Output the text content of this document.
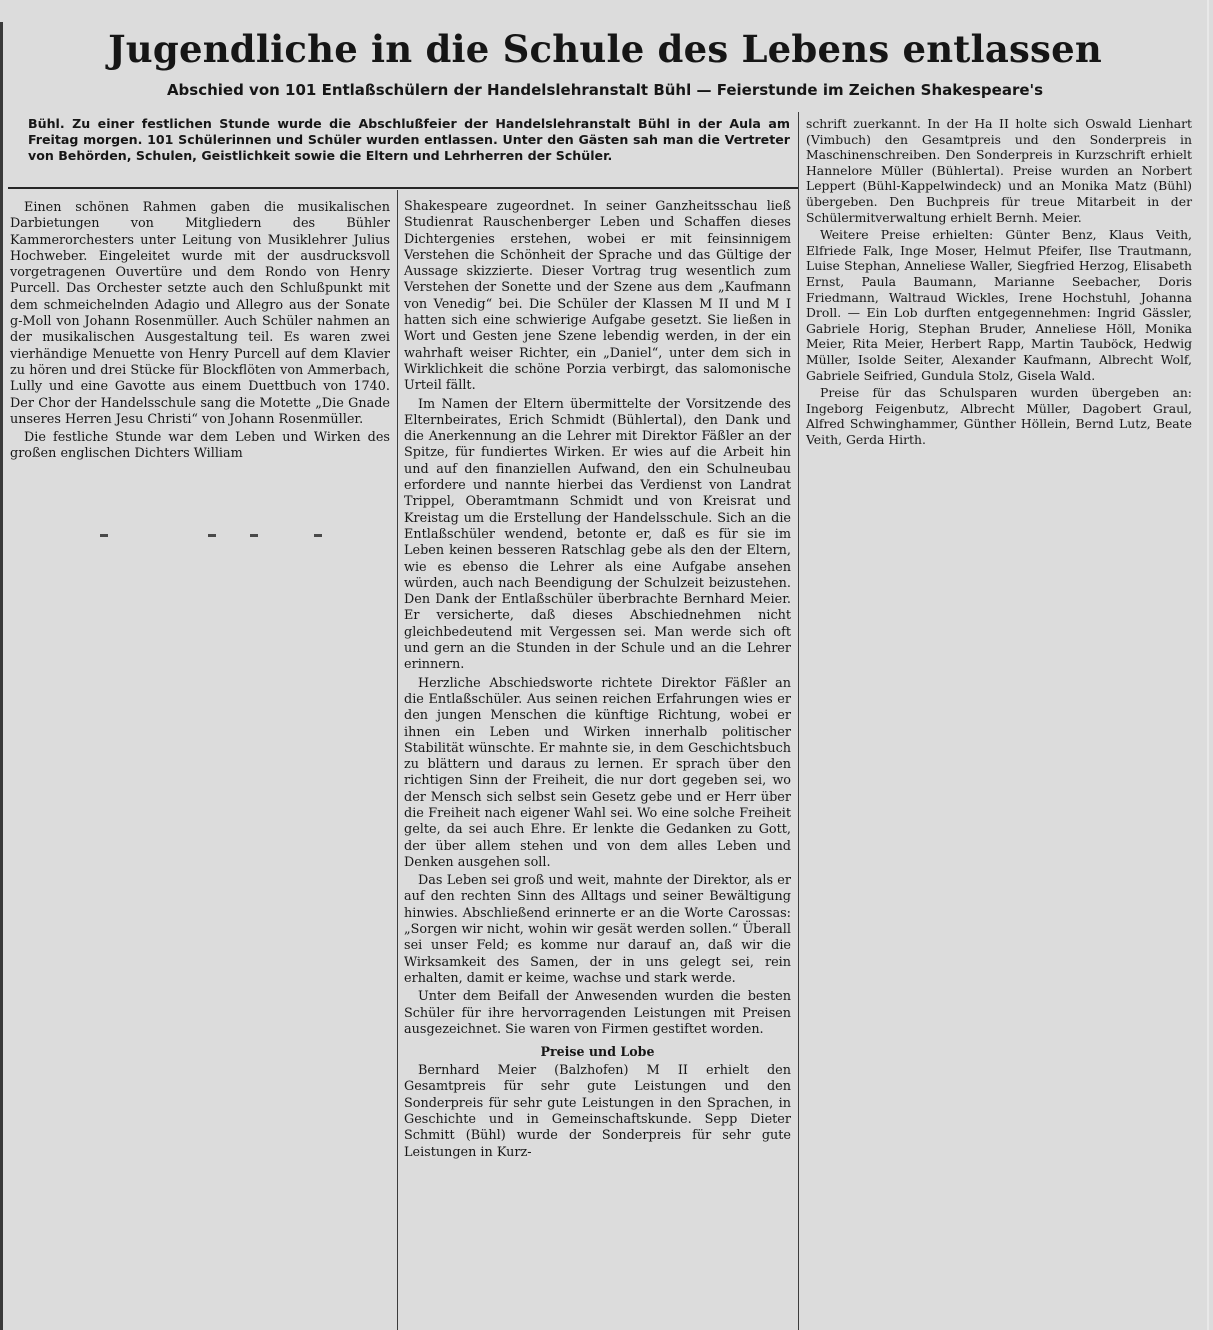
Jugendliche in die Schule des Lebens entlassen
Abschied von 101 Entlaßschülern der Handelslehranstalt Bühl — Feierstunde im Zeichen Shakespeare's

Bühl. Zu einer festlichen Stunde wurde die Abschlußfeier der Handelslehranstalt Bühl in der Aula am Freitag morgen. 101 Schülerinnen und Schüler wurden entlassen. Unter den Gästen sah man die Vertreter von Behörden, Schulen, Geistlichkeit sowie die Eltern und Lehrherren der Schüler.

Einen schönen Rahmen gaben die musikalischen Darbietungen von Mitgliedern des Bühler Kammerorchesters unter Leitung von Musiklehrer Julius Hochweber. Eingeleitet wurde mit der ausdrucksvoll vorgetragenen Ouvertüre und dem Rondo von Henry Purcell. Das Orchester setzte auch den Schlußpunkt mit dem schmeichelnden Adagio und Allegro aus der Sonate g-Moll von Johann Rosenmüller. Auch Schüler nahmen an der musikalischen Ausgestaltung teil. Es waren zwei vierhändige Menuette von Henry Purcell auf dem Klavier zu hören und drei Stücke für Blockflöten von Ammerbach, Lully und eine Gavotte aus einem Duettbuch von 1740. Der Chor der Handelsschule sang die Motette „Die Gnade unseres Herren Jesu Christi“ von Johann Rosenmüller.

Die festliche Stunde war dem Leben und Wirken des großen englischen Dichters William

Shakespeare zugeordnet. In seiner Ganzheitsschau ließ Studienrat Rauschenberger Leben und Schaffen dieses Dichtergenies erstehen, wobei er mit feinsinnigem Verstehen die Schönheit der Sprache und das Gültige der Aussage skizzierte. Dieser Vortrag trug wesentlich zum Verstehen der Sonette und der Szene aus dem „Kaufmann von Venedig“ bei. Die Schüler der Klassen M II und M I hatten sich eine schwierige Aufgabe gesetzt. Sie ließen in Wort und Gesten jene Szene lebendig werden, in der ein wahrhaft weiser Richter, ein „Daniel“, unter dem sich in Wirklichkeit die schöne Porzia verbirgt, das salomonische Urteil fällt.

Im Namen der Eltern übermittelte der Vorsitzende des Elternbeirates, Erich Schmidt (Bühlertal), den Dank und die Anerkennung an die Lehrer mit Direktor Fäßler an der Spitze, für fundiertes Wirken. Er wies auf die Arbeit hin und auf den finanziellen Aufwand, den ein Schulneubau erfordere und nannte hierbei das Verdienst von Landrat Trippel, Oberamtmann Schmidt und von Kreisrat und Kreistag um die Erstellung der Handelsschule. Sich an die Entlaßschüler wendend, betonte er, daß es für sie im Leben keinen besseren Ratschlag gebe als den der Eltern, wie es ebenso die Lehrer als eine Aufgabe ansehen würden, auch nach Beendigung der Schulzeit beizustehen. Den Dank der Entlaßschüler überbrachte Bernhard Meier. Er versicherte, daß dieses Abschiednehmen nicht gleichbedeutend mit Vergessen sei. Man werde sich oft und gern an die Stunden in der Schule und an die Lehrer erinnern.

Herzliche Abschiedsworte richtete Direktor Fäßler an die Entlaßschüler. Aus seinen reichen Erfahrungen wies er den jungen Menschen die künftige Richtung, wobei er ihnen ein Leben und Wirken innerhalb politischer Stabilität wünschte. Er mahnte sie, in dem Geschichtsbuch zu blättern und daraus zu lernen. Er sprach über den richtigen Sinn der Freiheit, die nur dort gegeben sei, wo der Mensch sich selbst sein Gesetz gebe und er Herr über die Freiheit nach eigener Wahl sei. Wo eine solche Freiheit gelte, da sei auch Ehre. Er lenkte die Gedanken zu Gott, der über allem stehen und von dem alles Leben und Denken ausgehen soll.

Das Leben sei groß und weit, mahnte der Direktor, als er auf den rechten Sinn des Alltags und seiner Bewältigung hinwies. Abschließend erinnerte er an die Worte Carossas: „Sorgen wir nicht, wohin wir gesät werden sollen.“ Überall sei unser Feld; es komme nur darauf an, daß wir die Wirksamkeit des Samen, der in uns gelegt sei, rein erhalten, damit er keime, wachse und stark werde.

Unter dem Beifall der Anwesenden wurden die besten Schüler für ihre hervorragenden Leistungen mit Preisen ausgezeichnet. Sie waren von Firmen gestiftet worden.

Preise und Lobe

Bernhard Meier (Balzhofen) M II erhielt den Gesamtpreis für sehr gute Leistungen und den Sonderpreis für sehr gute Leistungen in den Sprachen, in Geschichte und in Gemeinschaftskunde. Sepp Dieter Schmitt (Bühl) wurde der Sonderpreis für sehr gute Leistungen in Kurz-

schrift zuerkannt. In der Ha II holte sich Oswald Lienhart (Vimbuch) den Gesamtpreis und den Sonderpreis in Maschinenschreiben. Den Sonderpreis in Kurzschrift erhielt Hannelore Müller (Bühlertal). Preise wurden an Norbert Leppert (Bühl-Kappelwindeck) und an Monika Matz (Bühl) übergeben. Den Buchpreis für treue Mitarbeit in der Schülermitverwaltung erhielt Bernh. Meier.

Weitere Preise erhielten: Günter Benz, Klaus Veith, Elfriede Falk, Inge Moser, Helmut Pfeifer, Ilse Trautmann, Luise Stephan, Anneliese Waller, Siegfried Herzog, Elisabeth Ernst, Paula Baumann, Marianne Seebacher, Doris Friedmann, Waltraud Wickles, Irene Hochstuhl, Johanna Droll. — Ein Lob durften entgegennehmen: Ingrid Gässler, Gabriele Horig, Stephan Bruder, Anneliese Höll, Monika Meier, Rita Meier, Herbert Rapp, Martin Tauböck, Hedwig Müller, Isolde Seiter, Alexander Kaufmann, Albrecht Wolf, Gabriele Seifried, Gundula Stolz, Gisela Wald.

Preise für das Schulsparen wurden übergeben an: Ingeborg Feigenbutz, Albrecht Müller, Dagobert Graul, Alfred Schwinghammer, Günther Höllein, Bernd Lutz, Beate Veith, Gerda Hirth.
